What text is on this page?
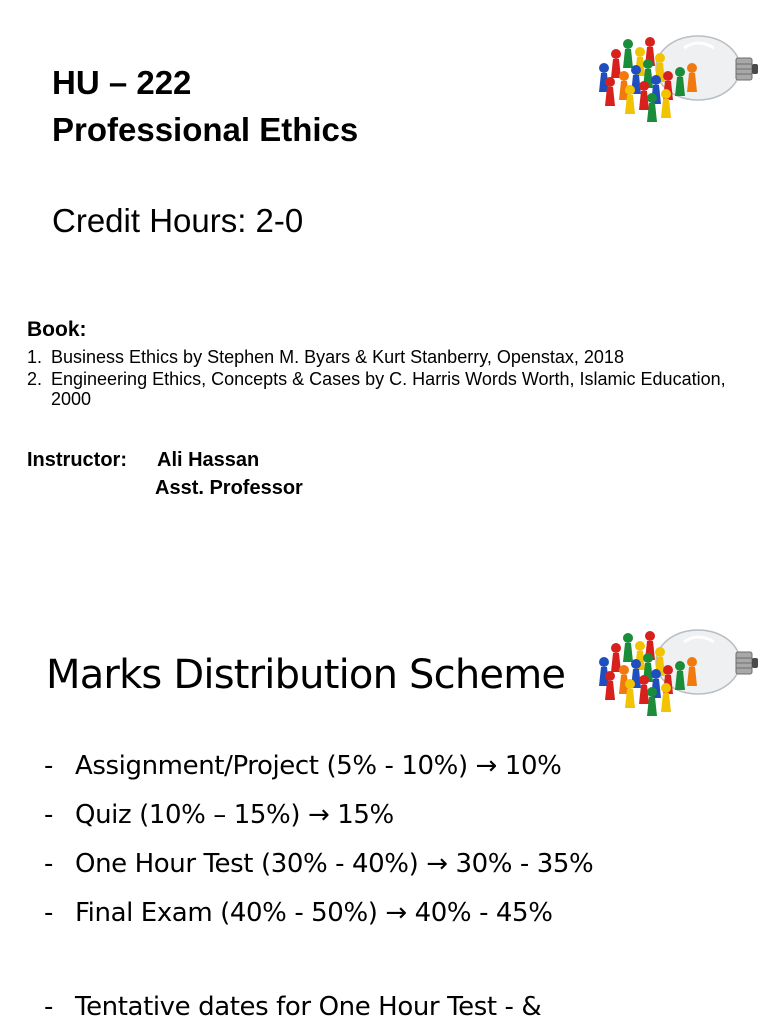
HU – 222
Professional Ethics
Credit Hours: 2-0
Book:
1. Business Ethics by Stephen M. Byars & Kurt Stanberry, Openstax, 2018
2. Engineering Ethics, Concepts & Cases by C. Harris Words Worth, Islamic Education, 2000
Instructor: Ali Hassan
Asst. Professor
Marks Distribution Scheme
- Assignment/Project (5% - 10%) → 10%
- Quiz (10% – 15%) → 15%
- One Hour Test (30% - 40%) → 30% - 35%
- Final Exam (40% - 50%) → 40% - 45%
- Tentative dates for One Hour Test - &
